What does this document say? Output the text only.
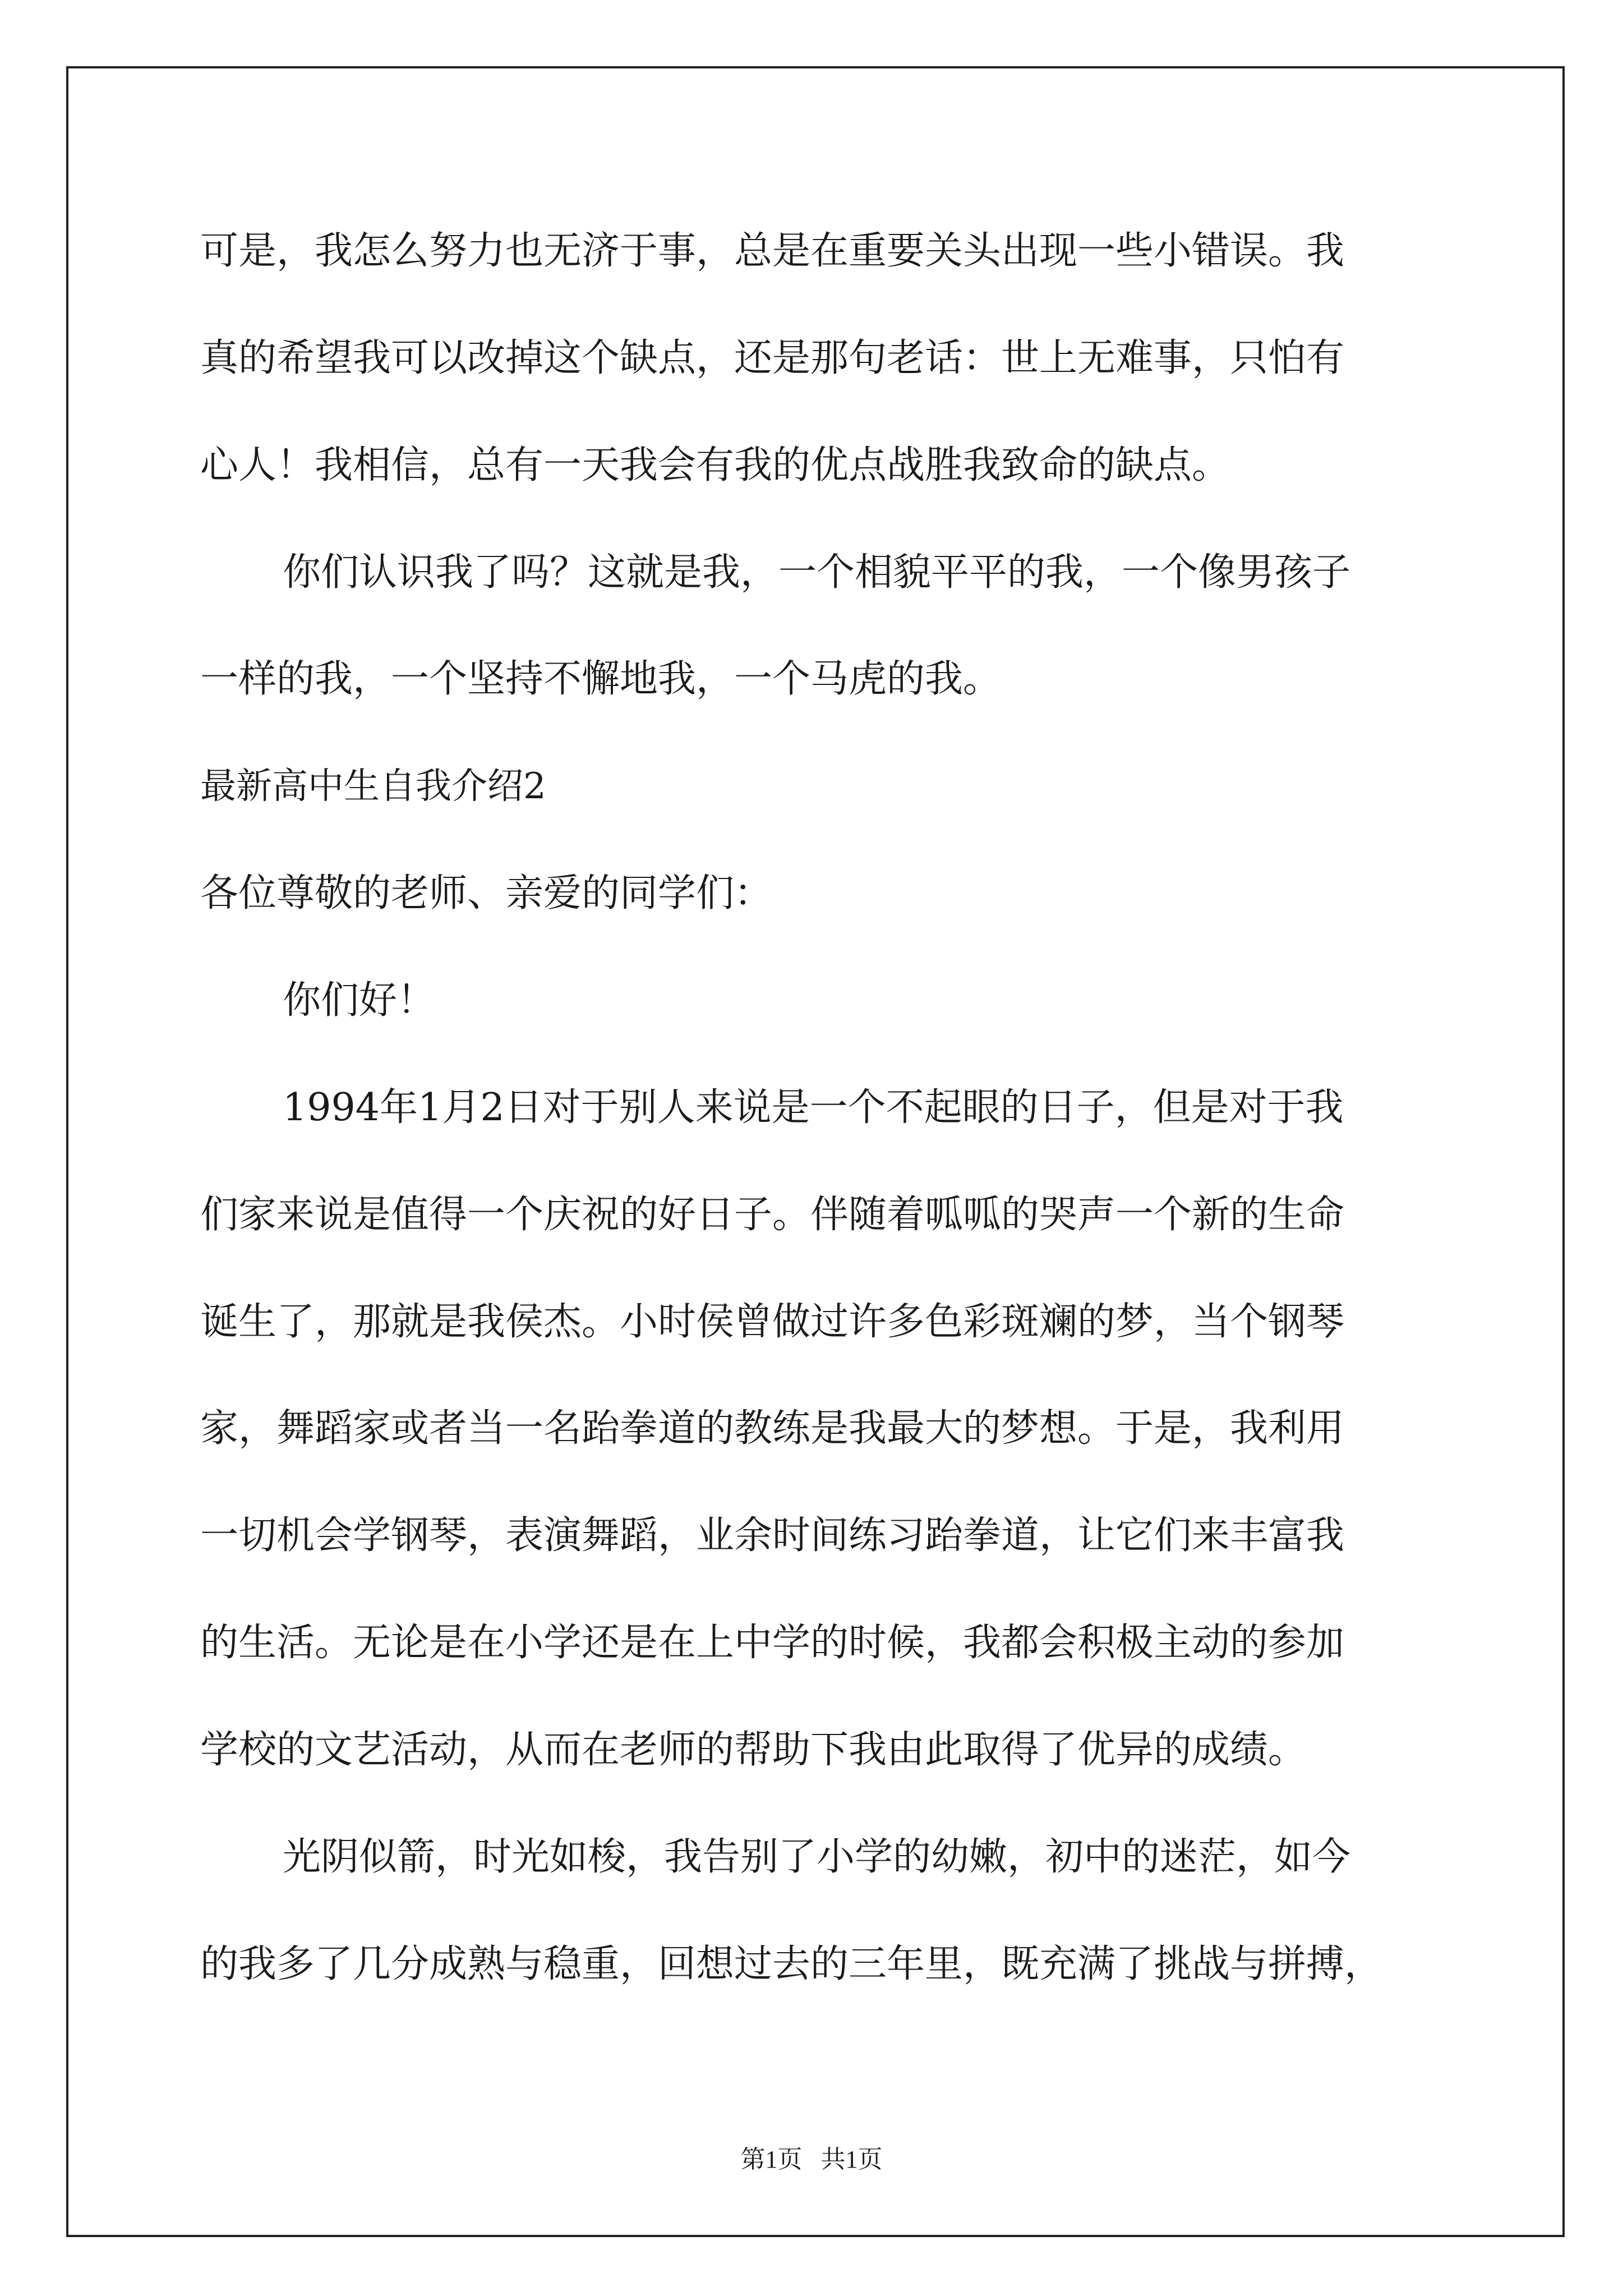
可是，我怎么努力也无济于事，总是在重要关头出现一些小错误。我
真的希望我可以改掉这个缺点，还是那句老话：世上无难事，只怕有
心人！我相信，总有一天我会有我的优点战胜我致命的缺点。
你们认识我了吗？这就是我，一个相貌平平的我，一个像男孩子
一样的我，一个坚持不懈地我，一个马虎的我。
最新高中生自我介绍2
各位尊敬的老师、亲爱的同学们：
你们好！
1994年1月2日对于别人来说是一个不起眼的日子，但是对于我
们家来说是值得一个庆祝的好日子。伴随着呱呱的哭声一个新的生命
诞生了，那就是我侯杰。小时侯曾做过许多色彩斑斓的梦，当个钢琴
家，舞蹈家或者当一名跆拳道的教练是我最大的梦想。于是，我利用
一切机会学钢琴，表演舞蹈，业余时间练习跆拳道，让它们来丰富我
的生活。无论是在小学还是在上中学的时候，我都会积极主动的参加
学校的文艺活动，从而在老师的帮助下我由此取得了优异的成绩。
光阴似箭，时光如梭，我告别了小学的幼嫩，初中的迷茫，如今
的我多了几分成熟与稳重，回想过去的三年里，既充满了挑战与拼搏，
第1页   共1页
